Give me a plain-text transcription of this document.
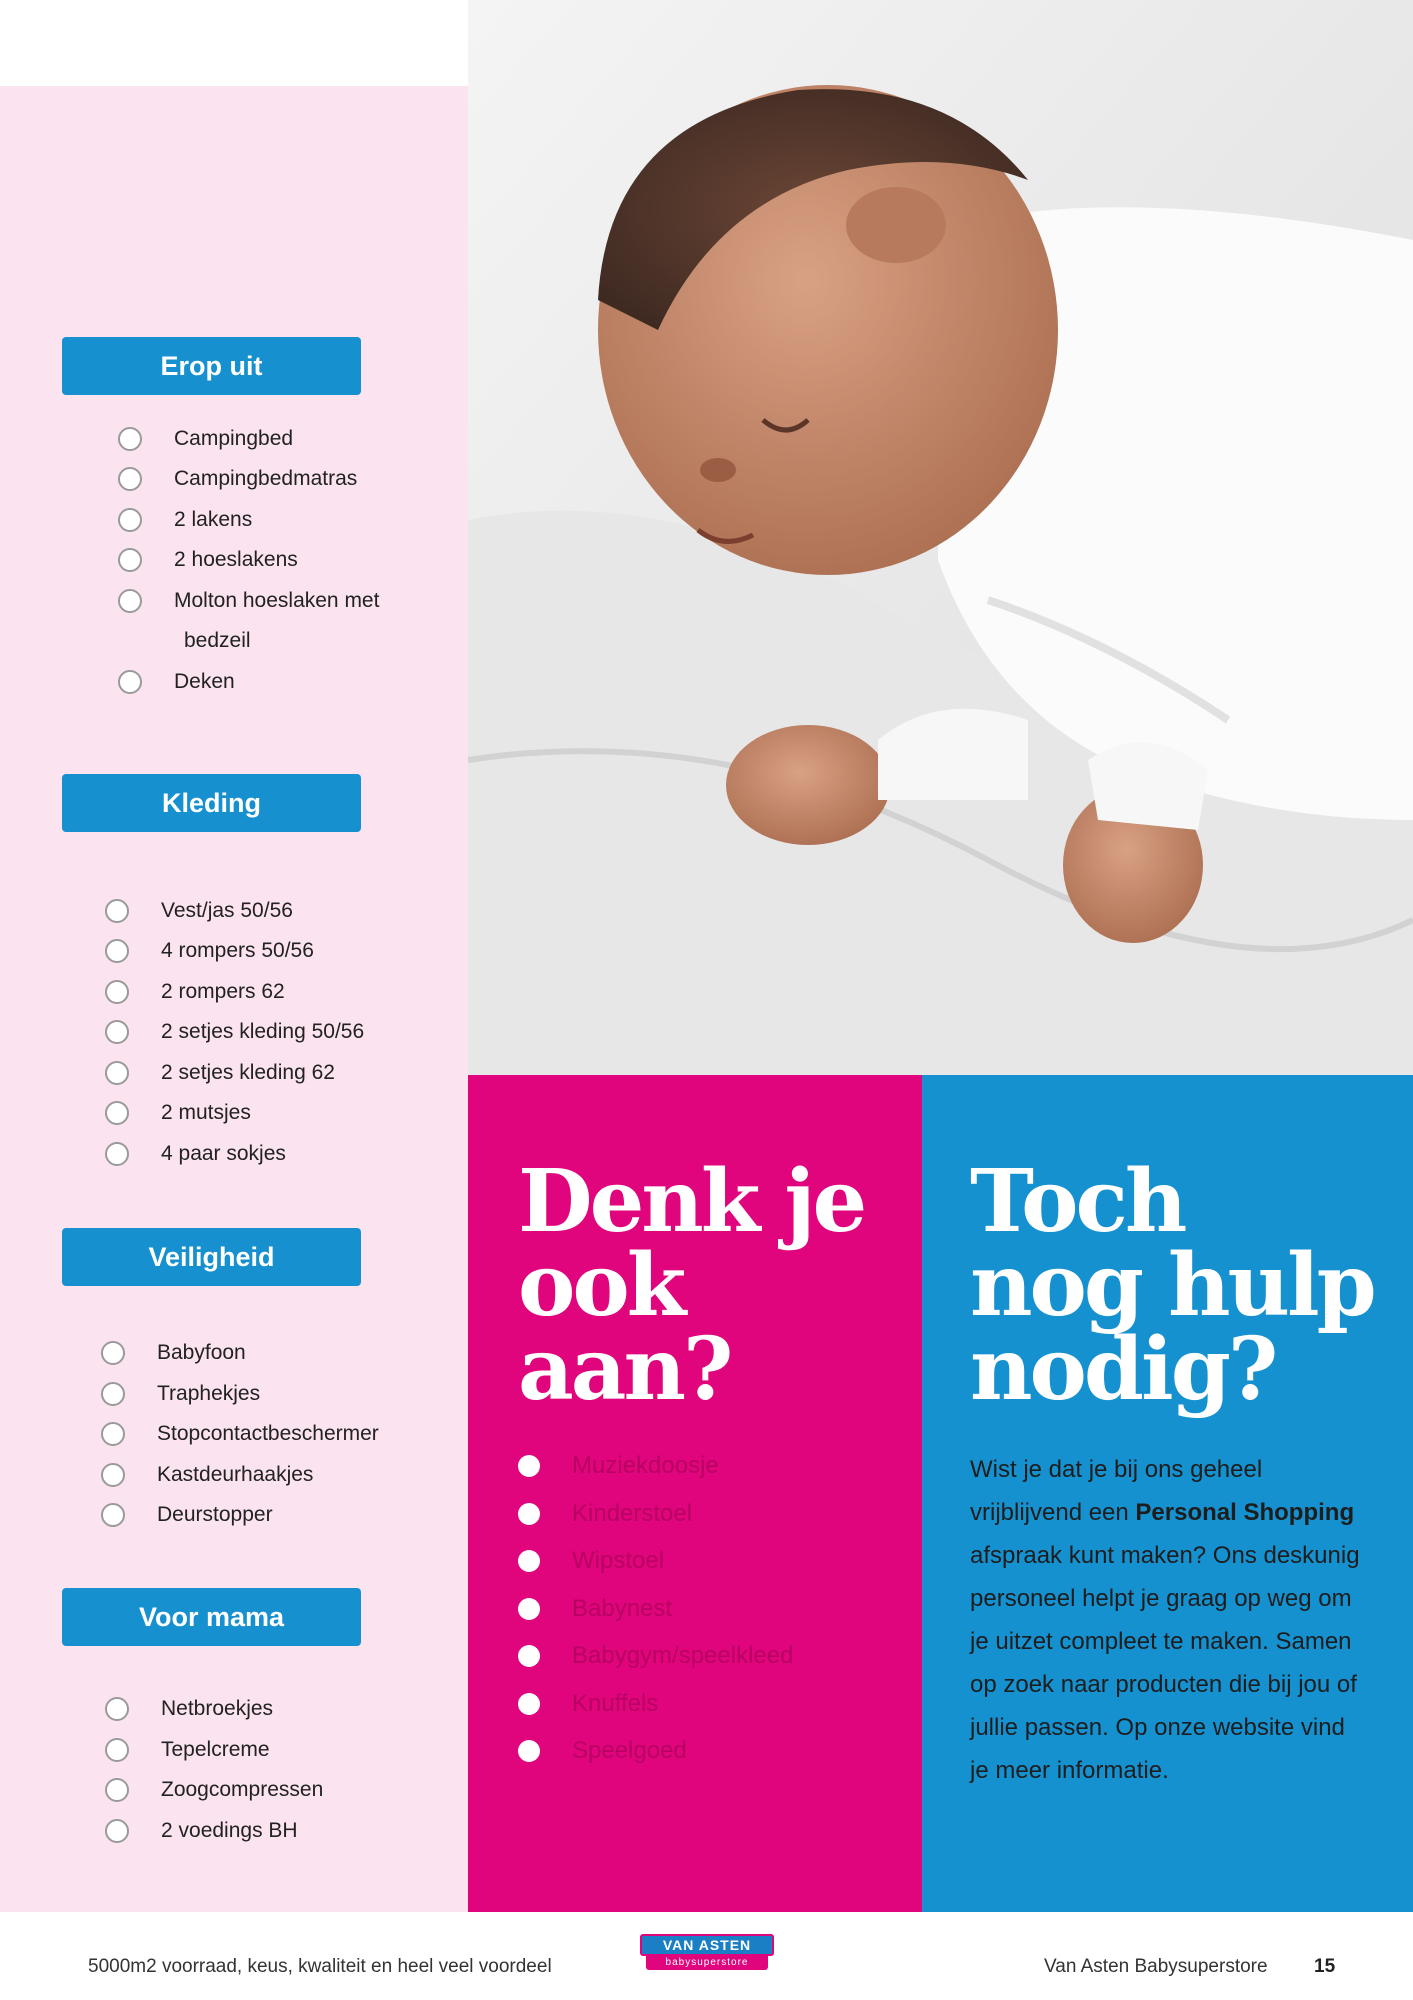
Erop uit
Campingbed
Campingbedmatras
2 lakens
2 hoeslakens
Molton hoeslaken met
bedzeil
Deken
Kleding
Vest/jas 50/56
4 rompers 50/56
2 rompers 62
2 setjes kleding 50/56
2 setjes kleding 62
2 mutsjes
4 paar sokjes
Veiligheid
Babyfoon
Traphekjes
Stopcontactbeschermer
Kastdeurhaakjes
Deurstopper
Voor mama
Netbroekjes
Tepelcreme
Zoogcompressen
2 voedings BH
Denk je
ook
aan?
Muziekdoosje
Kinderstoel
Wipstoel
Babynest
Babygym/speelkleed
Knuffels
Speelgoed
Toch
nog hulp
nodig?
Wist je dat je bij ons geheel vrijblijvend een Personal Shopping afspraak kunt maken? Ons deskunig personeel helpt je graag op weg om je uitzet compleet te maken. Samen op zoek naar producten die bij jou of jullie passen. Op onze website vind je meer informatie.
5000m2 voorraad, keus, kwaliteit en heel veel voordeel
VAN ASTEN
babysuperstore	Van Asten Babysuperstore 15
